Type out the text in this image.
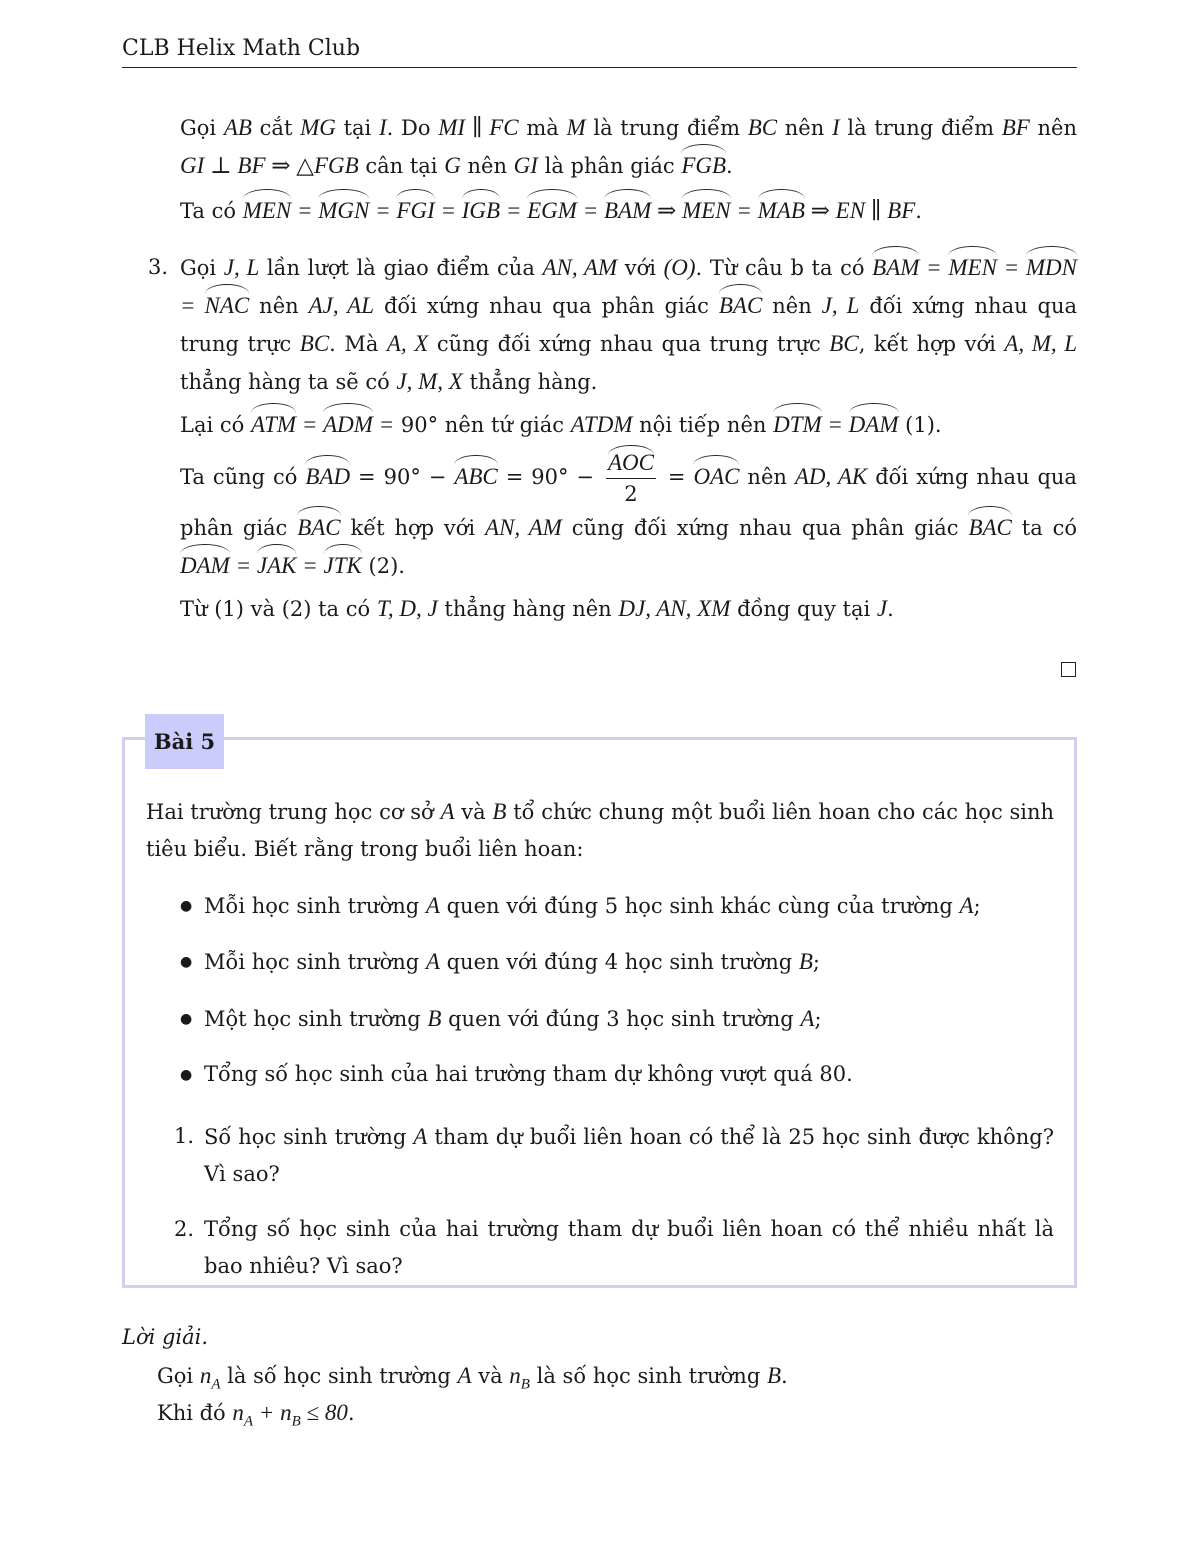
CLB Helix Math Club
Gọi AB cắt MG tại I. Do MI ∥ FC mà M là trung điểm BC nên I là trung điểm BF nên GI ⊥ BF ⇒ △FGB cân tại G nên GI là phân giác FGB.
Ta có MEN = MGN = FGI = IGB = EGM = BAM ⇒ MEN = MAB ⇒ EN ∥ BF.
3. Gọi J, L lần lượt là giao điểm của AN, AM với (O). Từ câu b ta có BAM = MEN = MDN = NAC nên AJ, AL đối xứng nhau qua phân giác BAC nên J, L đối xứng nhau qua trung trực BC. Mà A, X cũng đối xứng nhau qua trung trực BC, kết hợp với A, M, L thẳng hàng ta sẽ có J, M, X thẳng hàng.
Lại có ATM = ADM = 90° nên tứ giác ATDM nội tiếp nên DTM = DAM (1).
Ta cũng có BAD = 90° − ABC = $90^\circ - \frac{\text{AOC}}{2}$ = OAC nên AD, AK đối xứng nhau qua phân giác BAC kết hợp với AN, AM cũng đối xứng nhau qua phân giác BAC ta có DAM = JAK = JTK (2).
Từ (1) và (2) ta có T, D, J thẳng hàng nên DJ, AN, XM đồng quy tại J.
Bài 5
Hai trường trung học cơ sở A và B tổ chức chung một buổi liên hoan cho các học sinh tiêu biểu. Biết rằng trong buổi liên hoan:
● Mỗi học sinh trường A quen với đúng 5 học sinh khác cùng của trường A;
● Mỗi học sinh trường A quen với đúng 4 học sinh trường B;
● Một học sinh trường B quen với đúng 3 học sinh trường A;
● Tổng số học sinh của hai trường tham dự không vượt quá 80.
1. Số học sinh trường A tham dự buổi liên hoan có thể là 25 học sinh được không? Vì sao?
2. Tổng số học sinh của hai trường tham dự buổi liên hoan có thể nhiều nhất là bao nhiêu? Vì sao?
Lời giải.
Gọi $n_A$ là số học sinh trường A và $n_B$ là số học sinh trường B.
Khi đó $n_A + n_B \le 80$.
